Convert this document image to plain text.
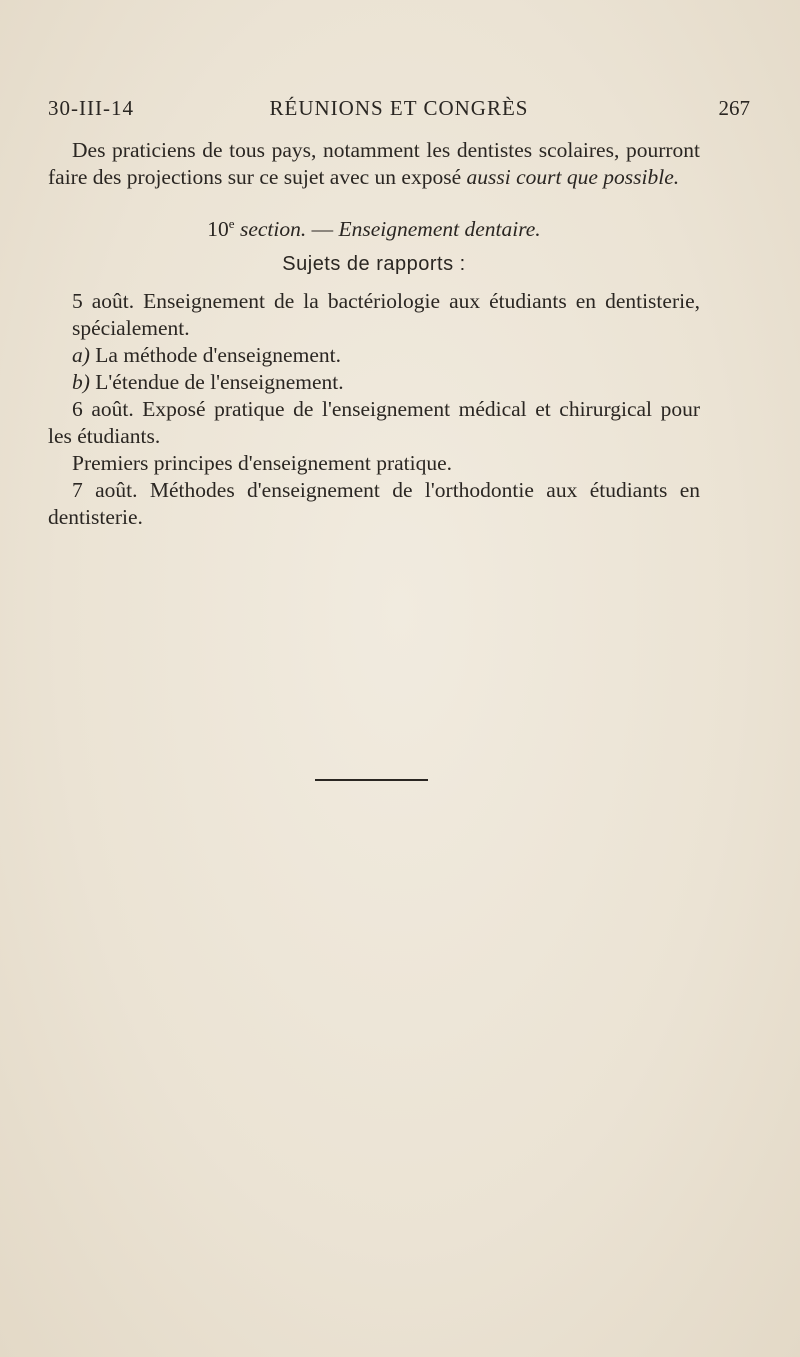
30-III-14	RÉUNIONS ET CONGRÈS	267

Des praticiens de tous pays, notamment les dentistes scolaires, pourront faire des projections sur ce sujet avec un exposé aussi court que possible.

10e section. — Enseignement dentaire.

Sujets de rapports :

5 août. Enseignement de la bactériologie aux étudiants en dentisterie, spécialement.

a) La méthode d'enseignement.

b) L'étendue de l'enseignement.

6 août. Exposé pratique de l'enseignement médical et chirurgical pour les étudiants.

Premiers principes d'enseignement pratique.

7 août. Méthodes d'enseignement de l'orthodontie aux étudiants en dentisterie.
